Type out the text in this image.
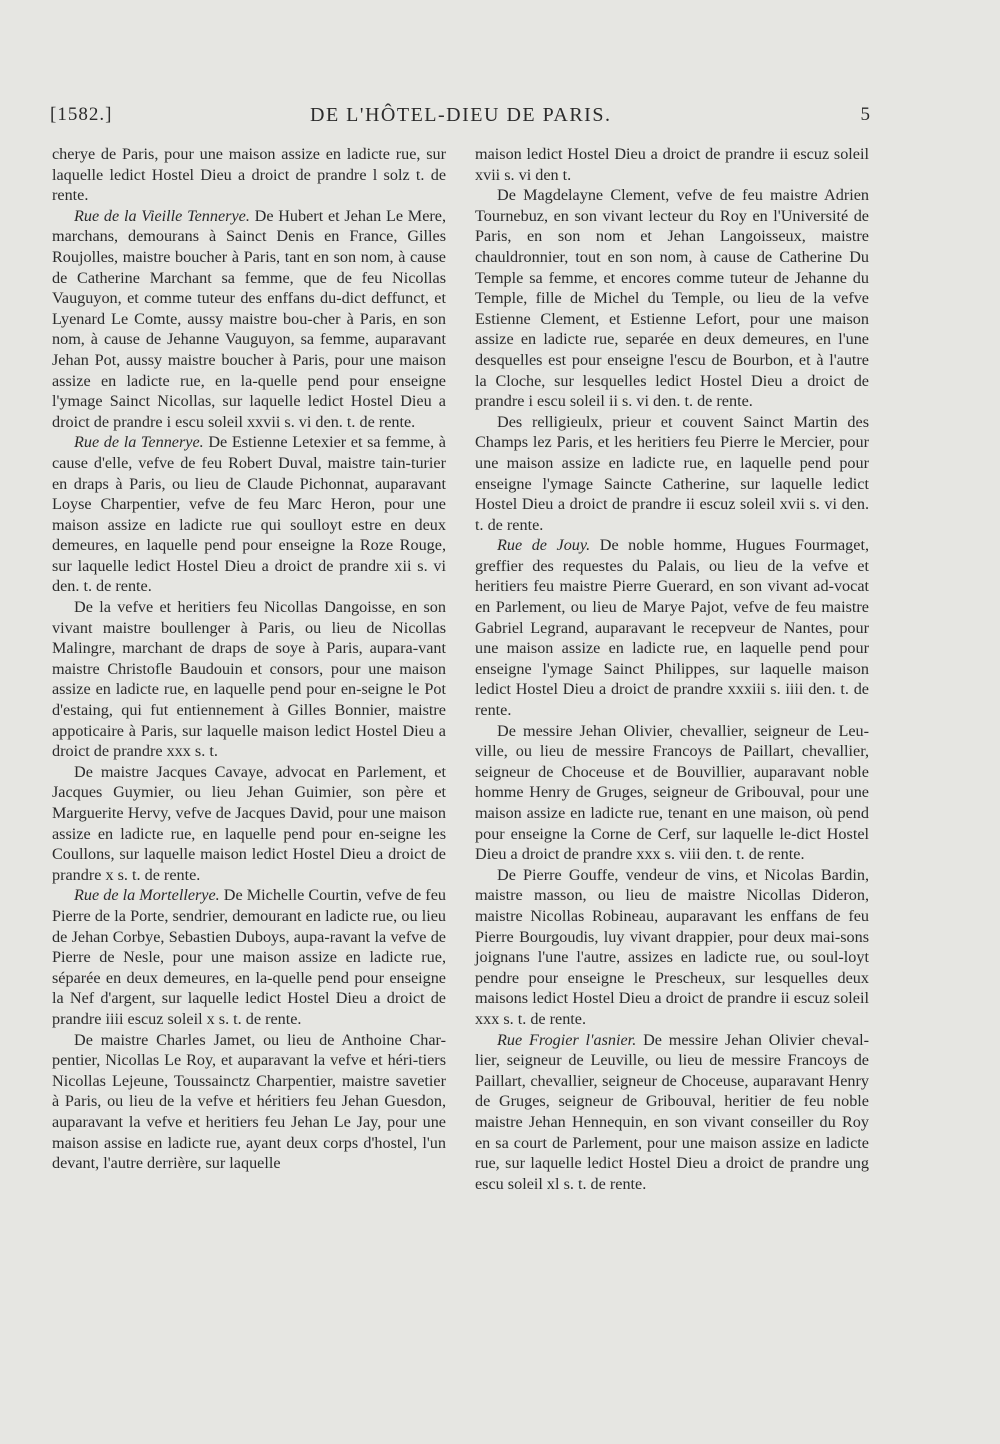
[1582.]	DE L'HÔTEL-DIEU DE PARIS.	5

cherye de Paris, pour une maison assize en ladicte rue, sur laquelle ledict Hostel Dieu a droict de prandre l solz t. de rente.

Rue de la Vieille Tennerye. De Hubert et Jehan Le Mere, marchans, demourans à Sainct Denis en France, Gilles Roujolles, maistre boucher à Paris, tant en son nom, à cause de Catherine Marchant sa femme, que de feu Nicollas Vauguyon, et comme tuteur des enffans du-dict deffunct, et Lyenard Le Comte, aussy maistre bou-cher à Paris, en son nom, à cause de Jehanne Vauguyon, sa femme, auparavant Jehan Pot, aussy maistre boucher à Paris, pour une maison assize en ladicte rue, en la-quelle pend pour enseigne l'ymage Sainct Nicollas, sur laquelle ledict Hostel Dieu a droict de prandre i escu soleil xxvii s. vi den. t. de rente.

Rue de la Tennerye. De Estienne Letexier et sa femme, à cause d'elle, vefve de feu Robert Duval, maistre tain-turier en draps à Paris, ou lieu de Claude Pichonnat, auparavant Loyse Charpentier, vefve de feu Marc Heron, pour une maison assize en ladicte rue qui soulloyt estre en deux demeures, en laquelle pend pour enseigne la Roze Rouge, sur laquelle ledict Hostel Dieu a droict de prandre xii s. vi den. t. de rente.

De la vefve et heritiers feu Nicollas Dangoisse, en son vivant maistre boullenger à Paris, ou lieu de Nicollas Malingre, marchant de draps de soye à Paris, aupara-vant maistre Christofle Baudouin et consors, pour une maison assize en ladicte rue, en laquelle pend pour en-seigne le Pot d'estaing, qui fut entiennement à Gilles Bonnier, maistre appoticaire à Paris, sur laquelle maison ledict Hostel Dieu a droict de prandre xxx s. t.

De maistre Jacques Cavaye, advocat en Parlement, et Jacques Guymier, ou lieu Jehan Guimier, son père et Marguerite Hervy, vefve de Jacques David, pour une maison assize en ladicte rue, en laquelle pend pour en-seigne les Coullons, sur laquelle maison ledict Hostel Dieu a droict de prandre x s. t. de rente.

Rue de la Mortellerye. De Michelle Courtin, vefve de feu Pierre de la Porte, sendrier, demourant en ladicte rue, ou lieu de Jehan Corbye, Sebastien Duboys, aupa-ravant la vefve de Pierre de Nesle, pour une maison assize en ladicte rue, séparée en deux demeures, en la-quelle pend pour enseigne la Nef d'argent, sur laquelle ledict Hostel Dieu a droict de prandre iiii escuz soleil x s. t. de rente.

De maistre Charles Jamet, ou lieu de Anthoine Char-pentier, Nicollas Le Roy, et auparavant la vefve et héri-tiers Nicollas Lejeune, Toussainctz Charpentier, maistre savetier à Paris, ou lieu de la vefve et héritiers feu Jehan Guesdon, auparavant la vefve et heritiers feu Jehan Le Jay, pour une maison assise en ladicte rue, ayant deux corps d'hostel, l'un devant, l'autre derrière, sur laquelle

maison ledict Hostel Dieu a droict de prandre ii escuz soleil xvii s. vi den t.

De Magdelayne Clement, vefve de feu maistre Adrien Tournebuz, en son vivant lecteur du Roy en l'Université de Paris, en son nom et Jehan Langoisseux, maistre chauldronnier, tout en son nom, à cause de Catherine Du Temple sa femme, et encores comme tuteur de Jehanne du Temple, fille de Michel du Temple, ou lieu de la vefve Estienne Clement, et Estienne Lefort, pour une maison assize en ladicte rue, separée en deux demeures, en l'une desquelles est pour enseigne l'escu de Bourbon, et à l'autre la Cloche, sur lesquelles ledict Hostel Dieu a droict de prandre i escu soleil ii s. vi den. t. de rente.

Des relligieulx, prieur et couvent Sainct Martin des Champs lez Paris, et les heritiers feu Pierre le Mercier, pour une maison assize en ladicte rue, en laquelle pend pour enseigne l'ymage Saincte Catherine, sur laquelle ledict Hostel Dieu a droict de prandre ii escuz soleil xvii s. vi den. t. de rente.

Rue de Jouy. De noble homme, Hugues Fourmaget, greffier des requestes du Palais, ou lieu de la vefve et heritiers feu maistre Pierre Guerard, en son vivant ad-vocat en Parlement, ou lieu de Marye Pajot, vefve de feu maistre Gabriel Legrand, auparavant le recepveur de Nantes, pour une maison assize en ladicte rue, en laquelle pend pour enseigne l'ymage Sainct Philippes, sur laquelle maison ledict Hostel Dieu a droict de prandre xxxiii s. iiii den. t. de rente.

De messire Jehan Olivier, chevallier, seigneur de Leu-ville, ou lieu de messire Francoys de Paillart, chevallier, seigneur de Choceuse et de Bouvillier, auparavant noble homme Henry de Gruges, seigneur de Gribouval, pour une maison assize en ladicte rue, tenant en une maison, où pend pour enseigne la Corne de Cerf, sur laquelle le-dict Hostel Dieu a droict de prandre xxx s. viii den. t. de rente.

De Pierre Gouffe, vendeur de vins, et Nicolas Bardin, maistre masson, ou lieu de maistre Nicollas Dideron, maistre Nicollas Robineau, auparavant les enffans de feu Pierre Bourgoudis, luy vivant drappier, pour deux mai-sons joignans l'une l'autre, assizes en ladicte rue, ou soul-loyt pendre pour enseigne le Prescheux, sur lesquelles deux maisons ledict Hostel Dieu a droict de prandre ii escuz soleil xxx s. t. de rente.

Rue Frogier l'asnier. De messire Jehan Olivier cheval-lier, seigneur de Leuville, ou lieu de messire Francoys de Paillart, chevallier, seigneur de Choceuse, auparavant Henry de Gruges, seigneur de Gribouval, heritier de feu noble maistre Jehan Hennequin, en son vivant conseiller du Roy en sa court de Parlement, pour une maison assize en ladicte rue, sur laquelle ledict Hostel Dieu a droict de prandre ung escu soleil xl s. t. de rente.
